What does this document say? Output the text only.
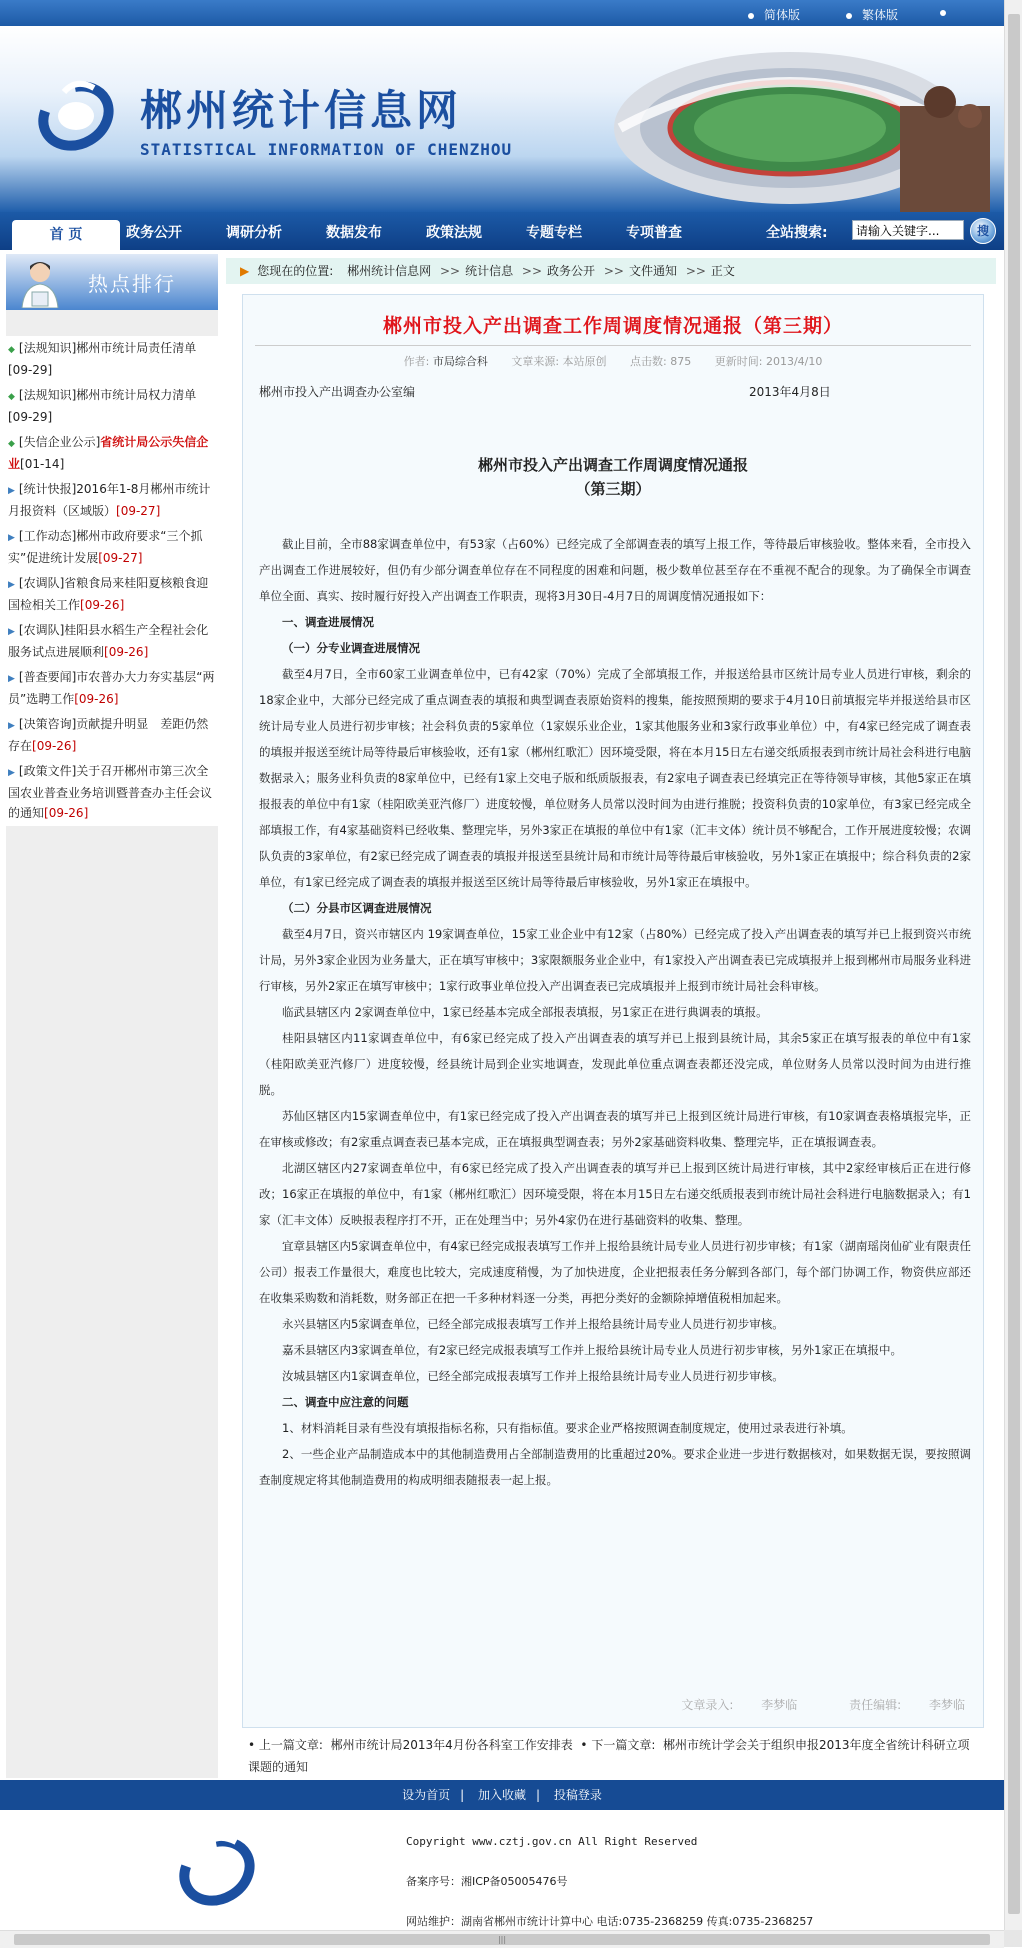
简体版	繁体版
郴州统计信息网
STATISTICAL INFORMATION OF CHENZHOU
首 页	政务公开	调研分析	数据发布	政策法规	专题专栏	专项普查	全站搜索:
请输入关键字...	搜
热点排行
◆ [法规知识]郴州市统计局责任清单
[09-29]
◆ [法规知识]郴州市统计局权力清单
[09-29]
◆ [失信企业公示]省统计局公示失信企业[01-14]
▶ [统计快报]2016年1-8月郴州市统计月报资料（区域版）[09-27]
▶ [工作动态]郴州市政府要求“三个抓实”促进统计发展[09-27]
▶ [农调队]省粮食局来桂阳夏核粮食迎国检相关工作[09-26]
▶ [农调队]桂阳县水稻生产全程社会化服务试点进展顺利[09-26]
▶ [普查要闻]市农普办大力夯实基层“两员”选聘工作[09-26]
▶ [决策咨询]贡献提升明显　差距仍然存在[09-26]
▶ [政策文件]关于召开郴州市第三次全国农业普查业务培训暨普查办主任会议的通知[09-26]
▶ 您现在的位置: 郴州统计信息网 >> 统计信息 >> 政务公开 >> 文件通知 >> 正文
郴州市投入产出调查工作周调度情况通报（第三期）
作者: 市局综合科 文章来源: 本站原创 点击数: 875 更新时间: 2013/4/10
郴州市投入产出调查办公室编	2013年4月8日
郴州市投入产出调查工作周调度情况通报
（第三期）

截止目前，全市88家调查单位中，有53家（占60%）已经完成了全部调查表的填写上报工作，等待最后审核验收。整体来看，全市投入产出调查工作进展较好，但仍有少部分调查单位存在不同程度的困难和问题，极少数单位甚至存在不重视不配合的现象。为了确保全市调查单位全面、真实、按时履行好投入产出调查工作职责，现将3月30日-4月7日的周调度情况通报如下：

一、调查进展情况

（一）分专业调查进展情况

截至4月7日，全市60家工业调查单位中，已有42家（70%）完成了全部填报工作，并报送给县市区统计局专业人员进行审核，剩余的18家企业中，大部分已经完成了重点调查表的填报和典型调查表原始资料的搜集，能按照预期的要求于4月10日前填报完毕并报送给县市区统计局专业人员进行初步审核；社会科负责的5家单位（1家娱乐业企业，1家其他服务业和3家行政事业单位）中，有4家已经完成了调查表的填报并报送至统计局等待最后审核验收，还有1家（郴州红歌汇）因环境受限，将在本月15日左右递交纸质报表到市统计局社会科进行电脑数据录入；服务业科负责的8家单位中，已经有1家上交电子版和纸质版报表，有2家电子调查表已经填完正在等待领导审核，其他5家正在填报报表的单位中有1家（桂阳欧美亚汽修厂）进度较慢，单位财务人员常以没时间为由进行推脱；投资科负责的10家单位，有3家已经完成全部填报工作，有4家基础资料已经收集、整理完毕，另外3家正在填报的单位中有1家（汇丰文体）统计员不够配合，工作开展进度较慢；农调队负责的3家单位，有2家已经完成了调查表的填报并报送至县统计局和市统计局等待最后审核验收，另外1家正在填报中；综合科负责的2家单位，有1家已经完成了调查表的填报并报送至区统计局等待最后审核验收，另外1家正在填报中。

（二）分县市区调查进展情况

截至4月7日，资兴市辖区内 19家调查单位，15家工业企业中有12家（占80%）已经完成了投入产出调查表的填写并已上报到资兴市统计局，另外3家企业因为业务量大，正在填写审核中；3家限额服务业企业中，有1家投入产出调查表已完成填报并上报到郴州市局服务业科进行审核，另外2家正在填写审核中；1家行政事业单位投入产出调查表已完成填报并上报到市统计局社会科审核。

临武县辖区内 2家调查单位中，1家已经基本完成全部报表填报，另1家正在进行典调表的填报。

桂阳县辖区内11家调查单位中，有6家已经完成了投入产出调查表的填写并已上报到县统计局，其余5家正在填写报表的单位中有1家（桂阳欧美亚汽修厂）进度较慢，经县统计局到企业实地调查，发现此单位重点调查表都还没完成，单位财务人员常以没时间为由进行推脱。

苏仙区辖区内15家调查单位中，有1家已经完成了投入产出调查表的填写并已上报到区统计局进行审核，有10家调查表格填报完毕，正在审核或修改；有2家重点调查表已基本完成，正在填报典型调查表；另外2家基础资料收集、整理完毕，正在填报调查表。

北湖区辖区内27家调查单位中，有6家已经完成了投入产出调查表的填写并已上报到区统计局进行审核，其中2家经审核后正在进行修改；16家正在填报的单位中，有1家（郴州红歌汇）因环境受限，将在本月15日左右递交纸质报表到市统计局社会科进行电脑数据录入；有1家（汇丰文体）反映报表程序打不开，正在处理当中；另外4家仍在进行基础资料的收集、整理。

宜章县辖区内5家调查单位中，有4家已经完成报表填写工作并上报给县统计局专业人员进行初步审核；有1家（湖南瑶岗仙矿业有限责任公司）报表工作量很大，难度也比较大，完成速度稍慢，为了加快进度，企业把报表任务分解到各部门，每个部门协调工作，物资供应部还在收集采购数和消耗数，财务部正在把一千多种材料逐一分类，再把分类好的金额除掉增值税相加起来。

永兴县辖区内5家调查单位，已经全部完成报表填写工作并上报给县统计局专业人员进行初步审核。

嘉禾县辖区内3家调查单位，有2家已经完成报表填写工作并上报给县统计局专业人员进行初步审核，另外1家正在填报中。

汝城县辖区内1家调查单位，已经全部完成报表填写工作并上报给县统计局专业人员进行初步审核。

二、调查中应注意的问题

1、材料消耗目录有些没有填报指标名称，只有指标值。要求企业严格按照调查制度规定，使用过录表进行补填。

2、一些企业产品制造成本中的其他制造费用占全部制造费用的比重超过20%。要求企业进一步进行数据核对，如果数据无误，要按照调查制度规定将其他制造费用的构成明细表随报表一起上报。

文章录入: 李梦临	责任编辑: 李梦临
• 上一篇文章: 郴州市统计局2013年4月份各科室工作安排表  • 下一篇文章: 郴州市统计学会关于组织申报2013年度全省统计科研立项课题的通知
设为首页 | 加入收藏 | 投稿登录
Copyright www.cztj.gov.cn All Right Reserved
备案序号：湘ICP备05005476号
网站维护：湖南省郴州市统计计算中心 电话:0735-2368259 传真:0735-2368257
|||
